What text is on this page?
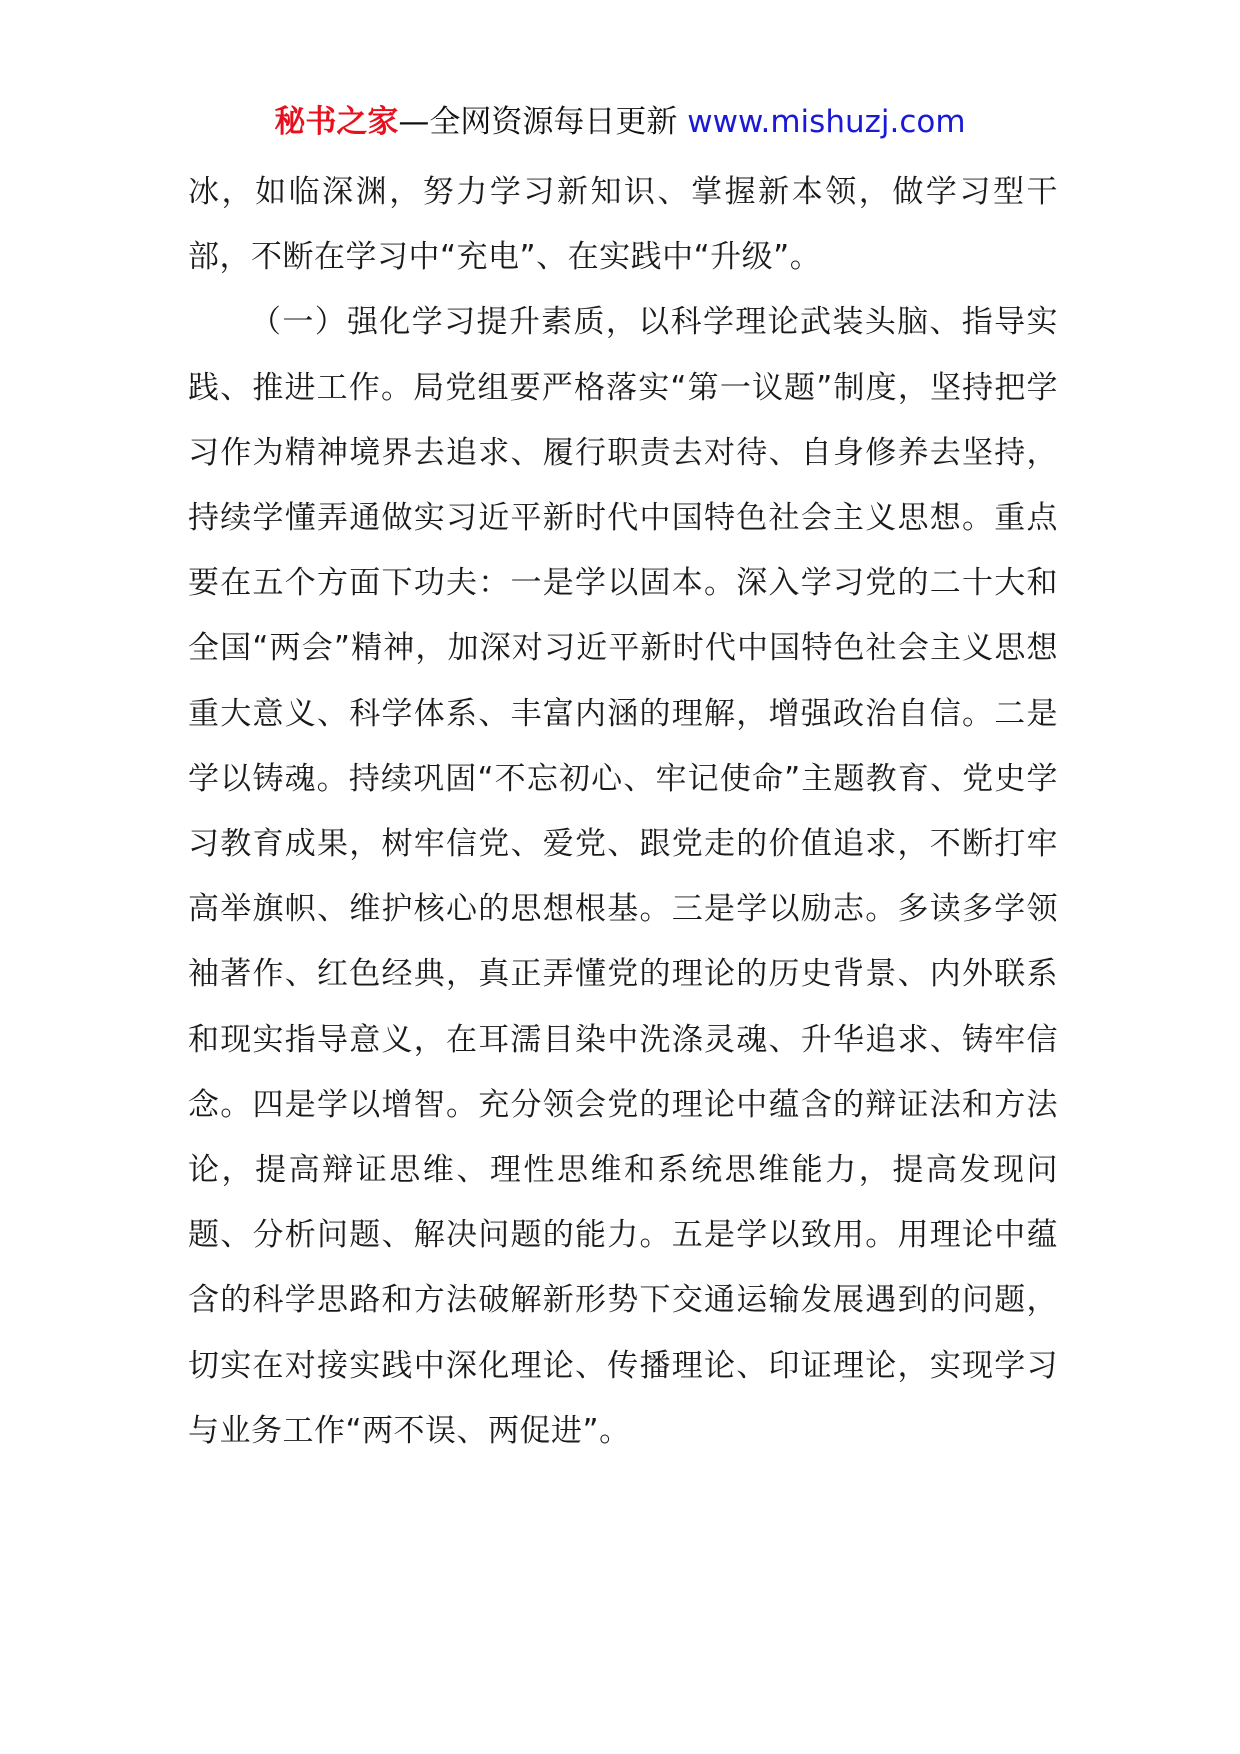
秘书之家—全网资源每日更新 www.mishuzj.com

冰，如临深渊，努力学习新知识、掌握新本领，做学习型干部，不断在学习中“充电”、在实践中“升级”。

（一）强化学习提升素质，以科学理论武装头脑、指导实践、推进工作。局党组要严格落实“第一议题”制度，坚持把学习作为精神境界去追求、履行职责去对待、自身修养去坚持，持续学懂弄通做实习近平新时代中国特色社会主义思想。重点要在五个方面下功夫：一是学以固本。深入学习党的二十大和全国“两会”精神，加深对习近平新时代中国特色社会主义思想重大意义、科学体系、丰富内涵的理解，增强政治自信。二是学以铸魂。持续巩固“不忘初心、牢记使命”主题教育、党史学习教育成果，树牢信党、爱党、跟党走的价值追求，不断打牢高举旗帜、维护核心的思想根基。三是学以励志。多读多学领袖著作、红色经典，真正弄懂党的理论的历史背景、内外联系和现实指导意义，在耳濡目染中洗涤灵魂、升华追求、铸牢信念。四是学以增智。充分领会党的理论中蕴含的辩证法和方法论，提高辩证思维、理性思维和系统思维能力，提高发现问题、分析问题、解决问题的能力。五是学以致用。用理论中蕴含的科学思路和方法破解新形势下交通运输发展遇到的问题，切实在对接实践中深化理论、传播理论、印证理论，实现学习与业务工作“两不误、两促进”。
